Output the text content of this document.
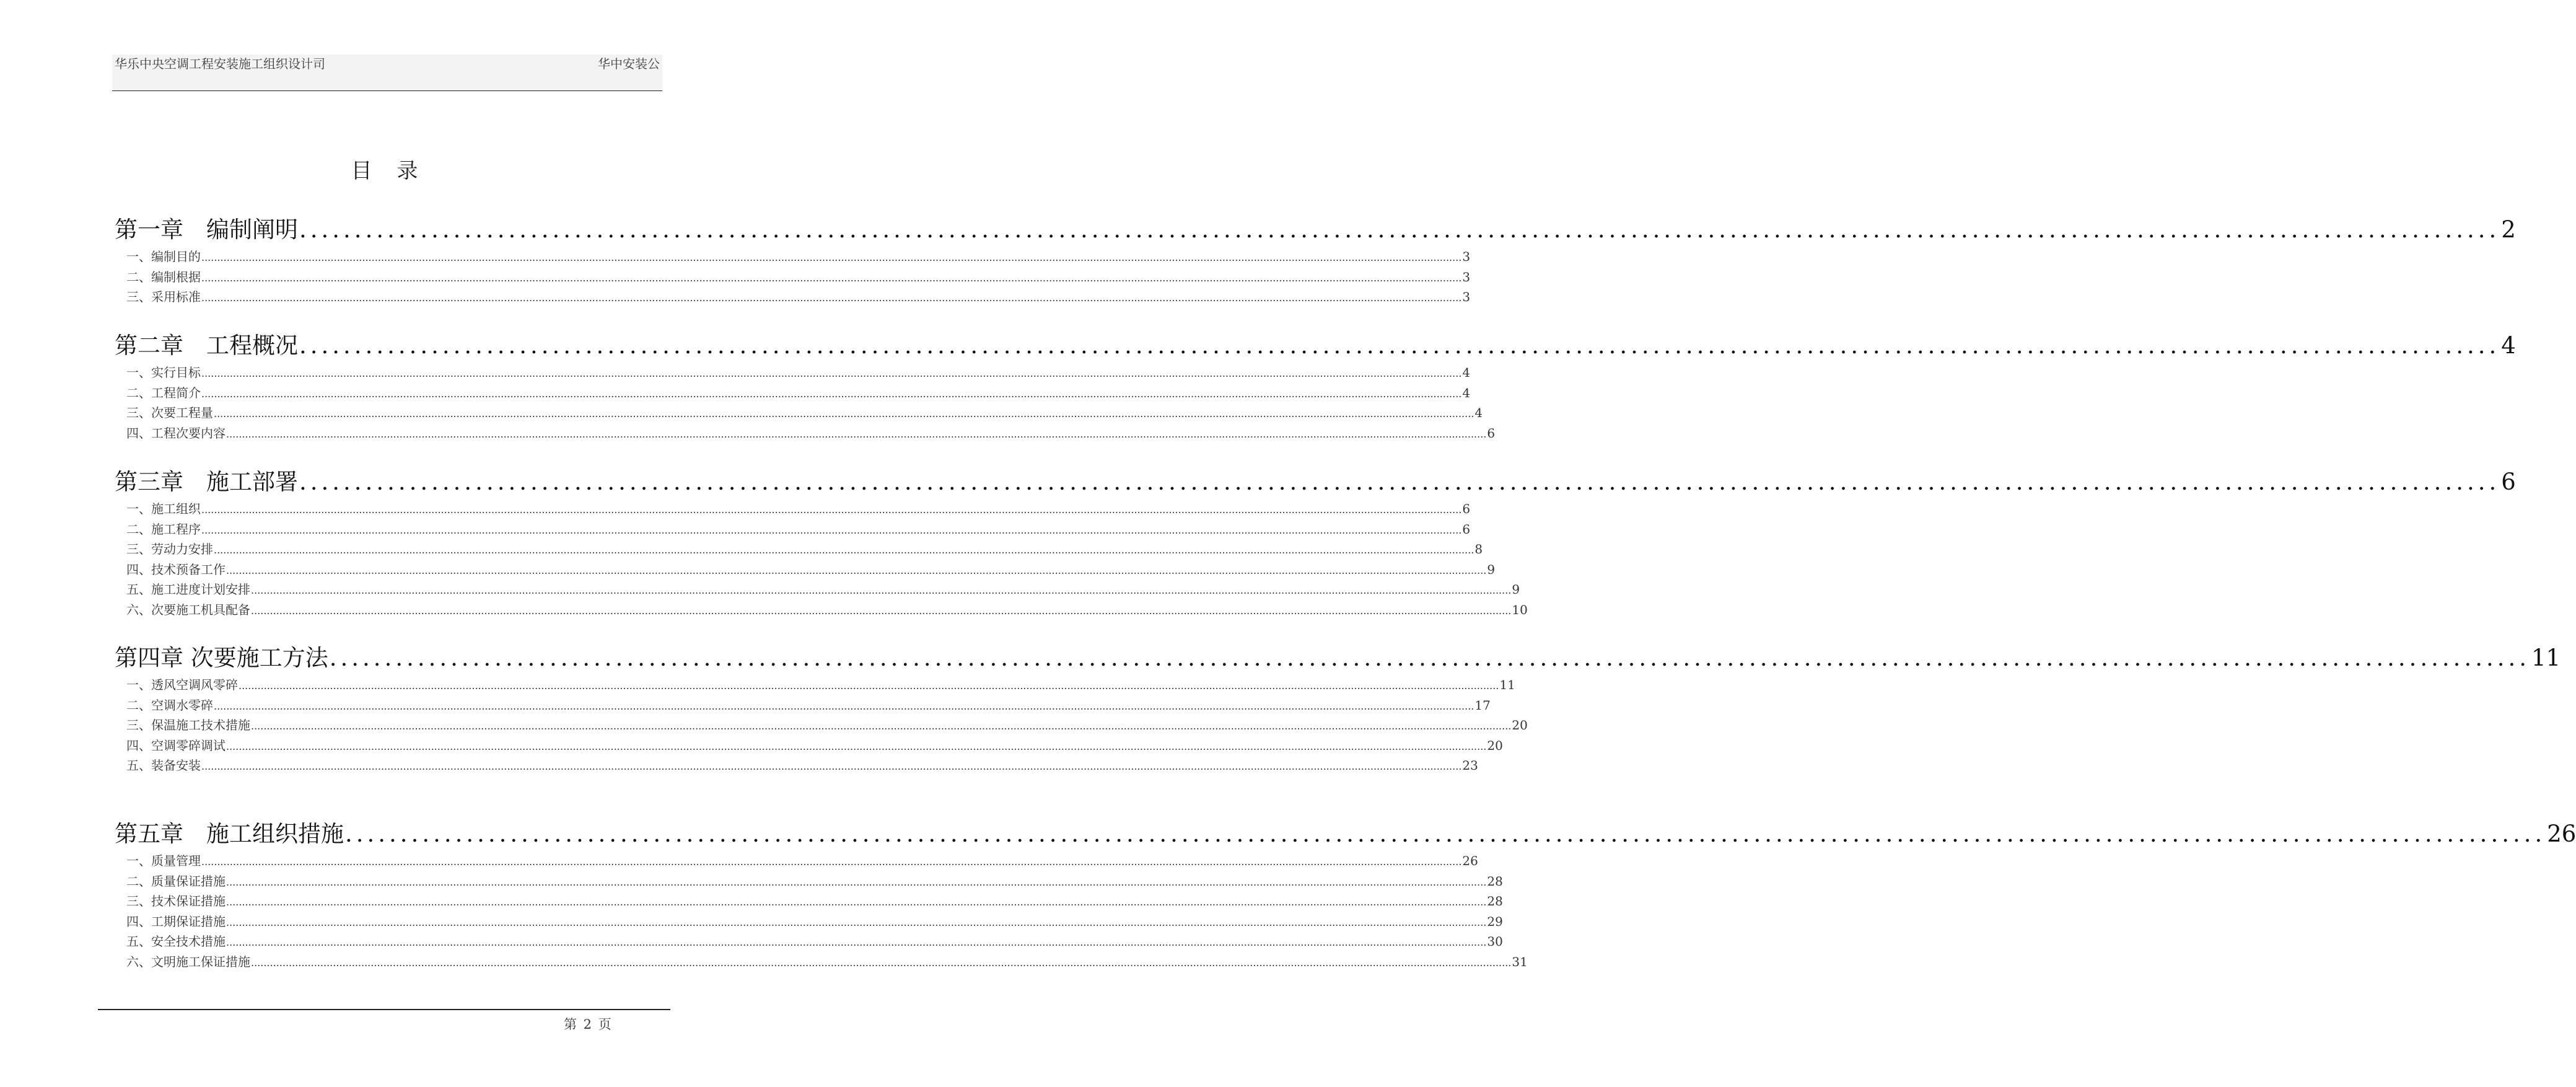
华乐中央空调工程安装施工组织设计司	华中安装公
目录
第一章　编制阐明 ........................................................................................................................................................................................................ 2
一、编制目的 ................................................................................................................................................................................................................................................................................................................................................................................................................ 3
二、编制根据 ................................................................................................................................................................................................................................................................................................................................................................................................................ 3
三、采用标准 ................................................................................................................................................................................................................................................................................................................................................................................................................ 3
第二章　工程概况 ........................................................................................................................................................................................................ 4
一、实行目标 ................................................................................................................................................................................................................................................................................................................................................................................................................ 4
二、工程简介 ................................................................................................................................................................................................................................................................................................................................................................................................................ 4
三、次要工程量 ................................................................................................................................................................................................................................................................................................................................................................................................................ 4
四、工程次要内容 ................................................................................................................................................................................................................................................................................................................................................................................................................ 6
第三章　施工部署 ........................................................................................................................................................................................................ 6
一、施工组织 ................................................................................................................................................................................................................................................................................................................................................................................................................ 6
二、施工程序 ................................................................................................................................................................................................................................................................................................................................................................................................................ 6
三、劳动力安排 ................................................................................................................................................................................................................................................................................................................................................................................................................ 8
四、技术预备工作 ................................................................................................................................................................................................................................................................................................................................................................................................................ 9
五、施工进度计划安排 ................................................................................................................................................................................................................................................................................................................................................................................................................ 9
六、次要施工机具配备 ................................................................................................................................................................................................................................................................................................................................................................................................................ 10
第四章 次要施工方法 ........................................................................................................................................................................................................ 11
一、透风空调风零碎 ................................................................................................................................................................................................................................................................................................................................................................................................................ 11
二、空调水零碎 ................................................................................................................................................................................................................................................................................................................................................................................................................ 17
三、保温施工技术措施 ................................................................................................................................................................................................................................................................................................................................................................................................................ 20
四、空调零碎调试 ................................................................................................................................................................................................................................................................................................................................................................................................................ 20
五、装备安装 ................................................................................................................................................................................................................................................................................................................................................................................................................ 23
第五章　施工组织措施 ........................................................................................................................................................................................................ 26
一、质量管理 ................................................................................................................................................................................................................................................................................................................................................................................................................ 26
二、质量保证措施 ................................................................................................................................................................................................................................................................................................................................................................................................................ 28
三、技术保证措施 ................................................................................................................................................................................................................................................................................................................................................................................................................ 28
四、工期保证措施 ................................................................................................................................................................................................................................................................................................................................................................................................................ 29
五、安全技术措施 ................................................................................................................................................................................................................................................................................................................................................................................................................ 30
六、文明施工保证措施 ................................................................................................................................................................................................................................................................................................................................................................................................................ 31
第 2 页
